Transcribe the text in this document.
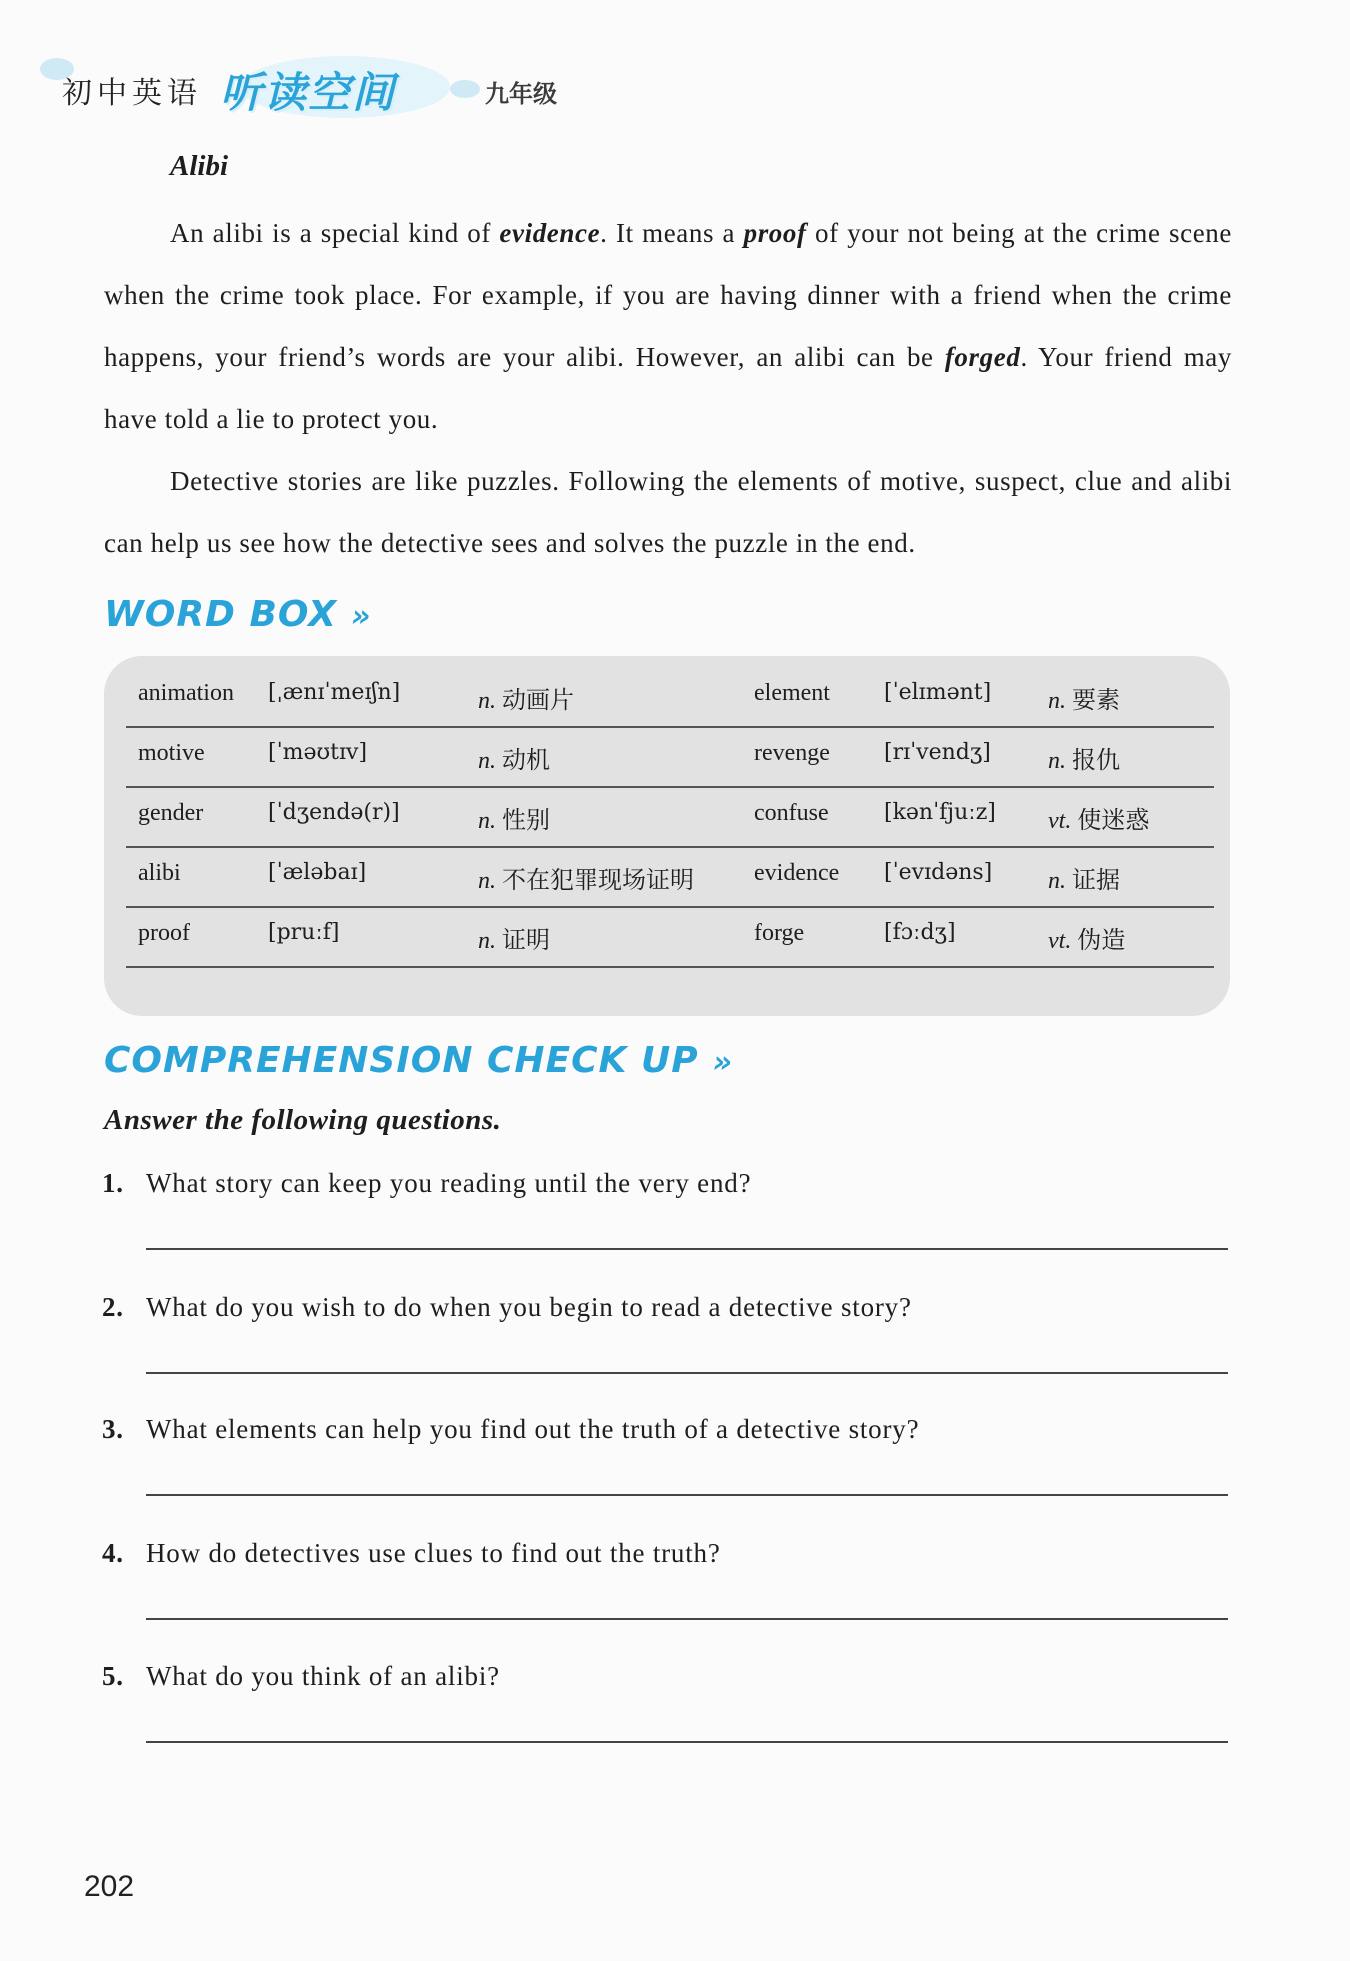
初中英语 听读空间	九年级
Alibi

An alibi is a special kind of evidence. It means a proof of your not being at the crime scene when the crime took place. For example, if you are having dinner with a friend when the crime happens, your friend’s words are your alibi. However, an alibi can be forged. Your friend may have told a lie to protect you.

Detective stories are like puzzles. Following the elements of motive, suspect, clue and alibi can help us see how the detective sees and solves the puzzle in the end.

WORD BOX »
animation [ˌænɪˈmeɪʃn]	n. 动画片	element [ˈelɪmənt] n. 要素
motive	[ˈməʊtɪv]	n. 动机	revenge [rɪˈvendʒ] n. 报仇
gender	[ˈdʒendə(r)]	n. 性别	confuse	[kənˈfjuːz] vt. 使迷惑
alibi	[ˈæləbaɪ]	n. 不在犯罪现场证明	evidence [ˈevɪdəns] n. 证据
proof	[pruːf]	n. 证明	forge	[fɔːdʒ]	vt. 伪造
COMPREHENSION CHECK UP »
Answer the following questions.
1. What story can keep you reading until the very end?
2. What do you wish to do when you begin to read a detective story?
3. What elements can help you find out the truth of a detective story?
4. How do detectives use clues to find out the truth?
5. What do you think of an alibi?
202
